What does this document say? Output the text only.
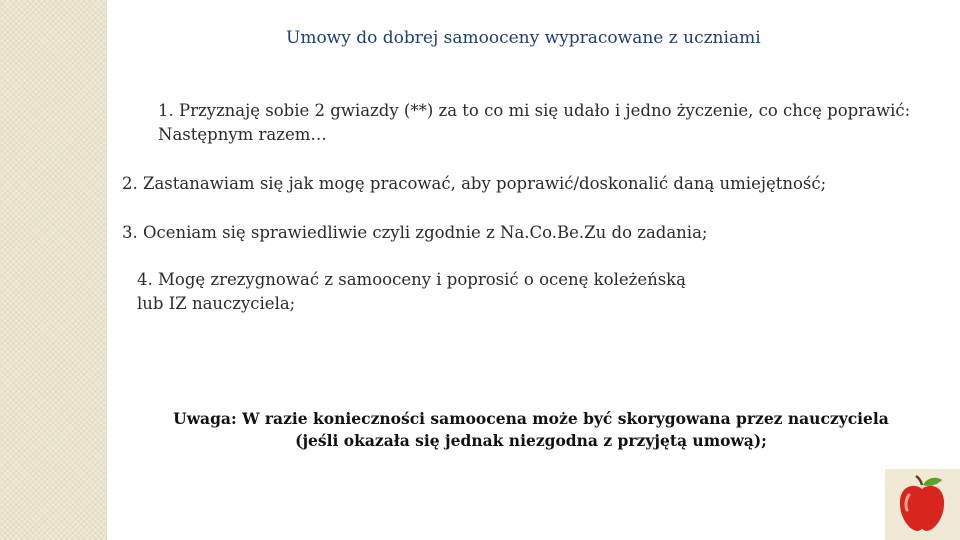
Umowy do dobrej samooceny wypracowane z uczniami
1. Przyznaję sobie 2 gwiazdy (**) za to co mi się udało i jedno życzenie, co chcę poprawić:
Następnym razem…
2. Zastanawiam się jak mogę pracować, aby poprawić/doskonalić daną umiejętność;
3. Oceniam się sprawiedliwie czyli zgodnie z Na.Co.Be.Zu do zadania;
4. Mogę zrezygnować z samooceny i poprosić o ocenę koleżeńską
lub IZ nauczyciela;
Uwaga: W razie konieczności samoocena może być skorygowana przez nauczyciela
(jeśli okazała się jednak niezgodna z przyjętą umową);
